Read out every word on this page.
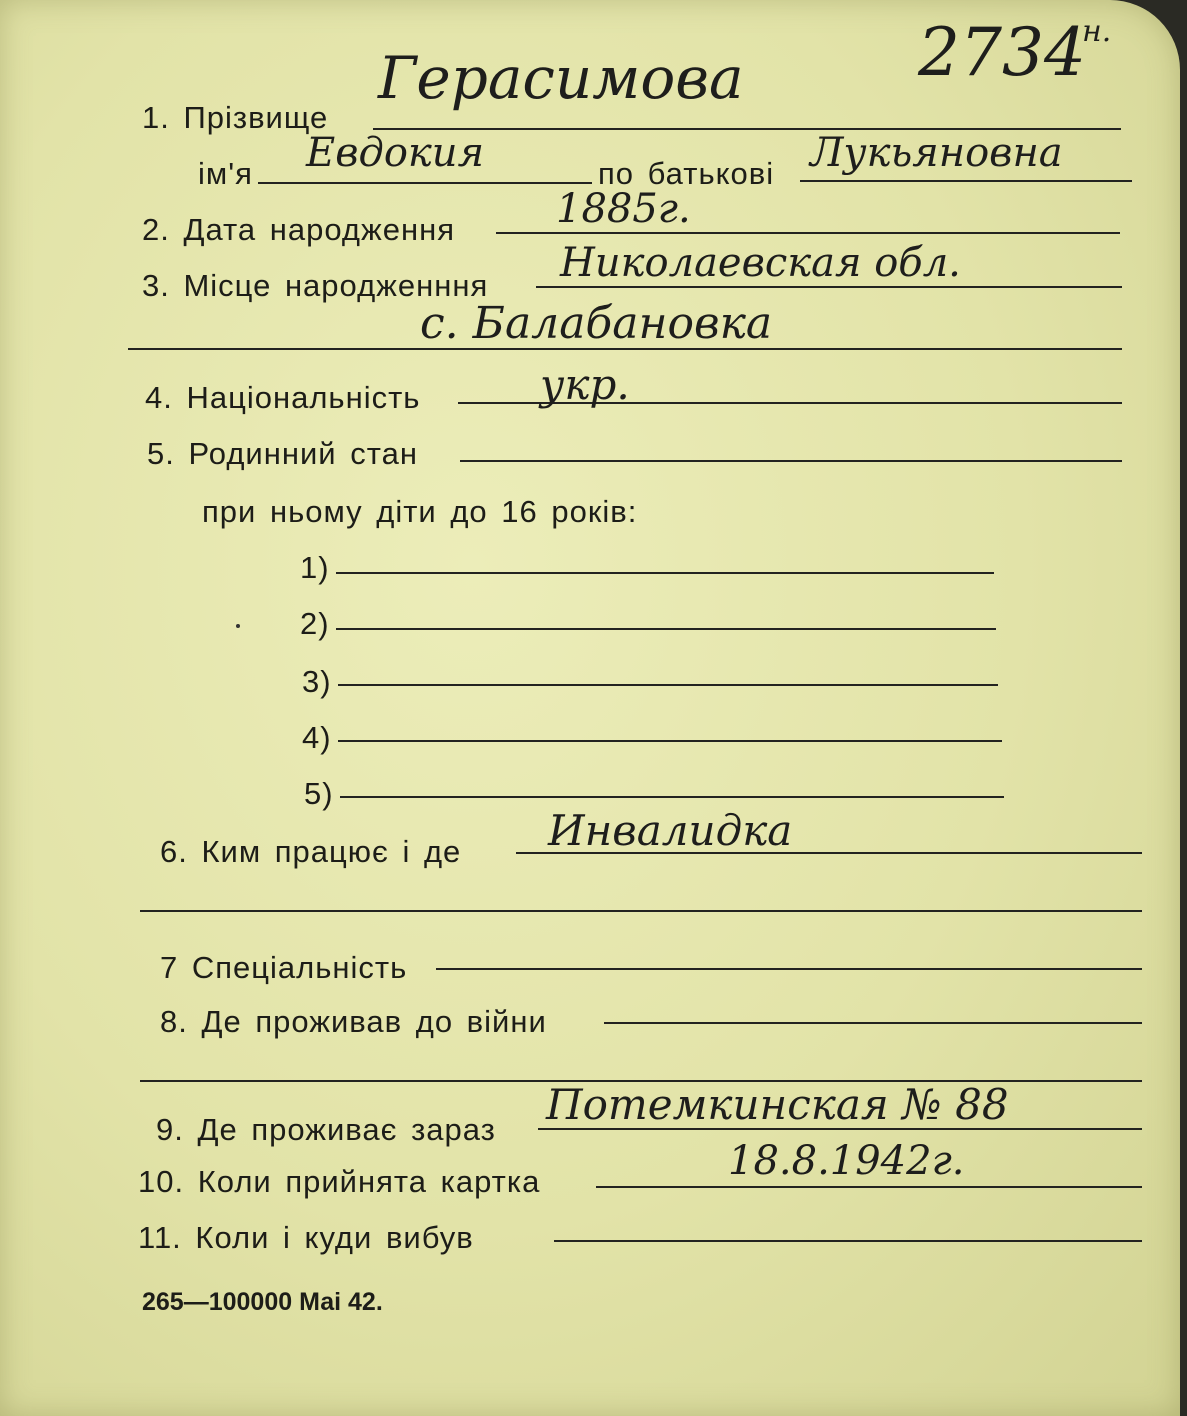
2734
н.
1. Прізвище
Герасимова
ім'я Евдокия	по батькові Лукьяновна
2. Дата народження	1885г.
3. Місце народженння Николаевская обл.
с. Балабановка
4. Національність	укр.
5. Родинний стан
при ньому діти до 16 років:
1)
2)
3)
4)
5)
6. Ким працює і де Инвалидка
7 Спеціальність
8. Де проживав до війни
9. Де проживає зараз
Потемкинская № 88
10. Коли прийнята картка	18.8.1942г.
11. Коли і куди вибув
265—100000 Маі 42.
